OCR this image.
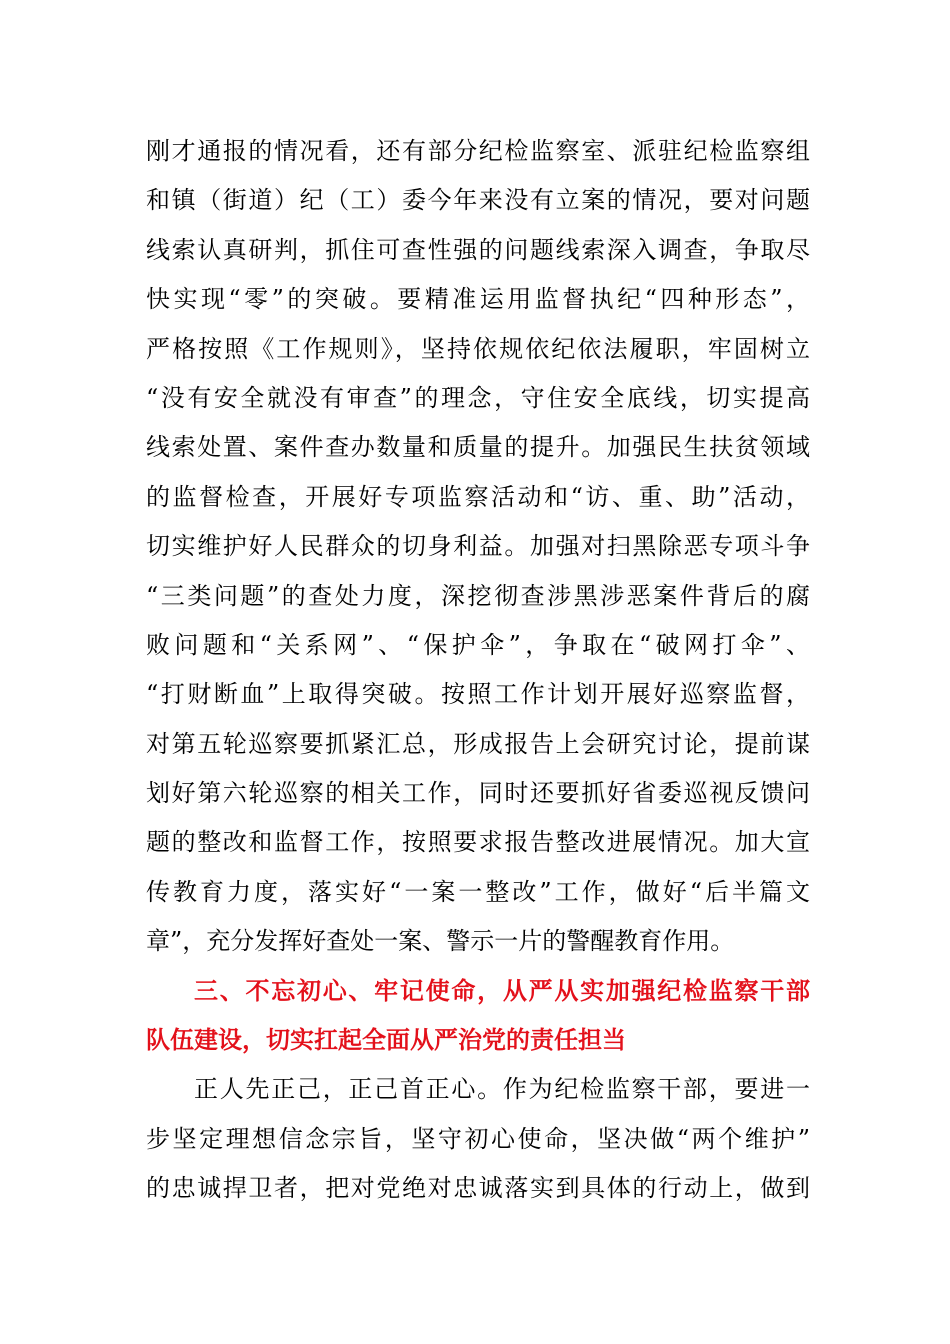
刚才通报的情况看，还有部分纪检监察室、派驻纪检监察组
和镇（街道）纪（工）委今年来没有立案的情况，要对问题
线索认真研判，抓住可查性强的问题线索深入调查，争取尽
快实现“零”的突破。要精准运用监督执纪“四种形态”，
严格按照《工作规则》，坚持依规依纪依法履职，牢固树立
“没有安全就没有审查”的理念，守住安全底线，切实提高
线索处置、案件查办数量和质量的提升。加强民生扶贫领域
的监督检查，开展好专项监察活动和“访、重、助”活动，
切实维护好人民群众的切身利益。加强对扫黑除恶专项斗争
“三类问题”的查处力度，深挖彻查涉黑涉恶案件背后的腐
败问题和“关系网”、“保护伞”，争取在“破网打伞”、
“打财断血”上取得突破。按照工作计划开展好巡察监督，
对第五轮巡察要抓紧汇总，形成报告上会研究讨论，提前谋
划好第六轮巡察的相关工作，同时还要抓好省委巡视反馈问
题的整改和监督工作，按照要求报告整改进展情况。加大宣
传教育力度，落实好“一案一整改”工作，做好“后半篇文
章”，充分发挥好查处一案、警示一片的警醒教育作用。
三、不忘初心、牢记使命，从严从实加强纪检监察干部
队伍建设，切实扛起全面从严治党的责任担当
正人先正己，正己首正心。作为纪检监察干部，要进一
步坚定理想信念宗旨，坚守初心使命，坚决做“两个维护”
的忠诚捍卫者，把对党绝对忠诚落实到具体的行动上，做到
